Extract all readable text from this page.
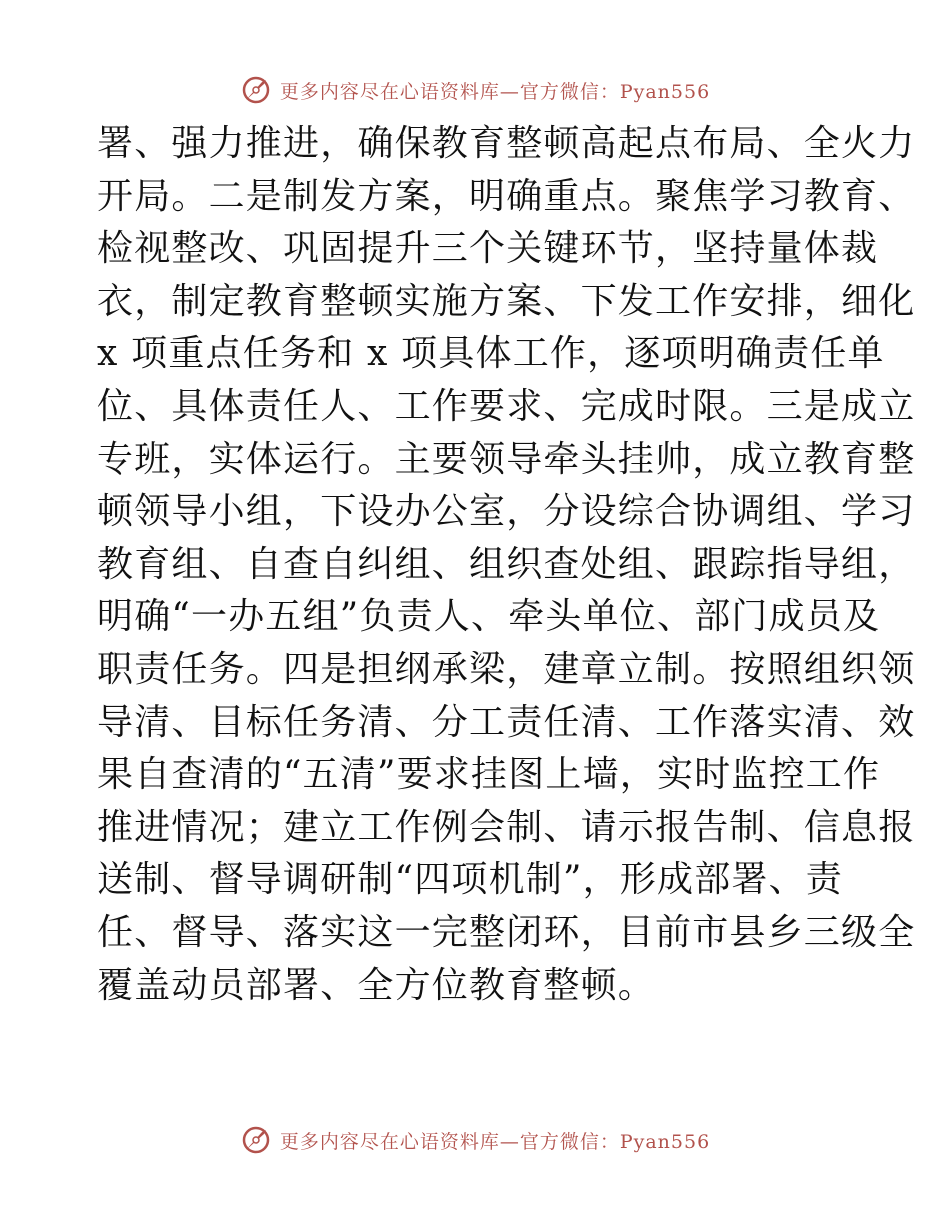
更多内容尽在心语资料库—官方微信：Pyan556
署、强力推进，确保教育整顿高起点布局、全火力
开局。二是制发方案，明确重点。聚焦学习教育、
检视整改、巩固提升三个关键环节，坚持量体裁
衣，制定教育整顿实施方案、下发工作安排，细化
x 项重点任务和 x 项具体工作，逐项明确责任单
位、具体责任人、工作要求、完成时限。三是成立
专班，实体运行。主要领导牵头挂帅，成立教育整
顿领导小组，下设办公室，分设综合协调组、学习
教育组、自查自纠组、组织查处组、跟踪指导组，
明确“一办五组”负责人、牵头单位、部门成员及
职责任务。四是担纲承梁，建章立制。按照组织领
导清、目标任务清、分工责任清、工作落实清、效
果自查清的“五清”要求挂图上墙，实时监控工作
推进情况；建立工作例会制、请示报告制、信息报
送制、督导调研制“四项机制”，形成部署、责
任、督导、落实这一完整闭环，目前市县乡三级全
覆盖动员部署、全方位教育整顿。
更多内容尽在心语资料库—官方微信：Pyan556
